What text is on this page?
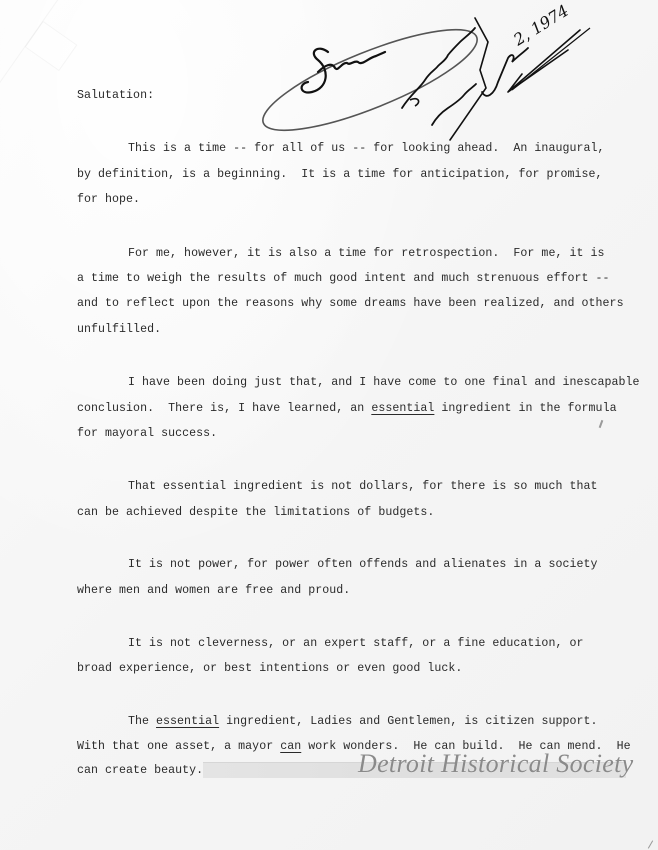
2, 1974
Salutation:
This is a time -- for all of us -- for looking ahead.  An inaugural,
by definition, is a beginning.  It is a time for anticipation, for promise,
for hope.
For me, however, it is also a time for retrospection.  For me, it is
a time to weigh the results of much good intent and much strenuous effort --
and to reflect upon the reasons why some dreams have been realized, and others
unfulfilled.
I have been doing just that, and I have come to one final and inescapable
conclusion.  There is, I have learned, an essential ingredient in the formula
for mayoral success.
That essential ingredient is not dollars, for there is so much that
can be achieved despite the limitations of budgets.
It is not power, for power often offends and alienates in a society
where men and women are free and proud.
It is not cleverness, or an expert staff, or a fine education, or
broad experience, or best intentions or even good luck.
The essential ingredient, Ladies and Gentlemen, is citizen support.
With that one asset, a mayor can work wonders.  He can build.  He can mend.  He
can create beauty.	Detroit Historical Society
